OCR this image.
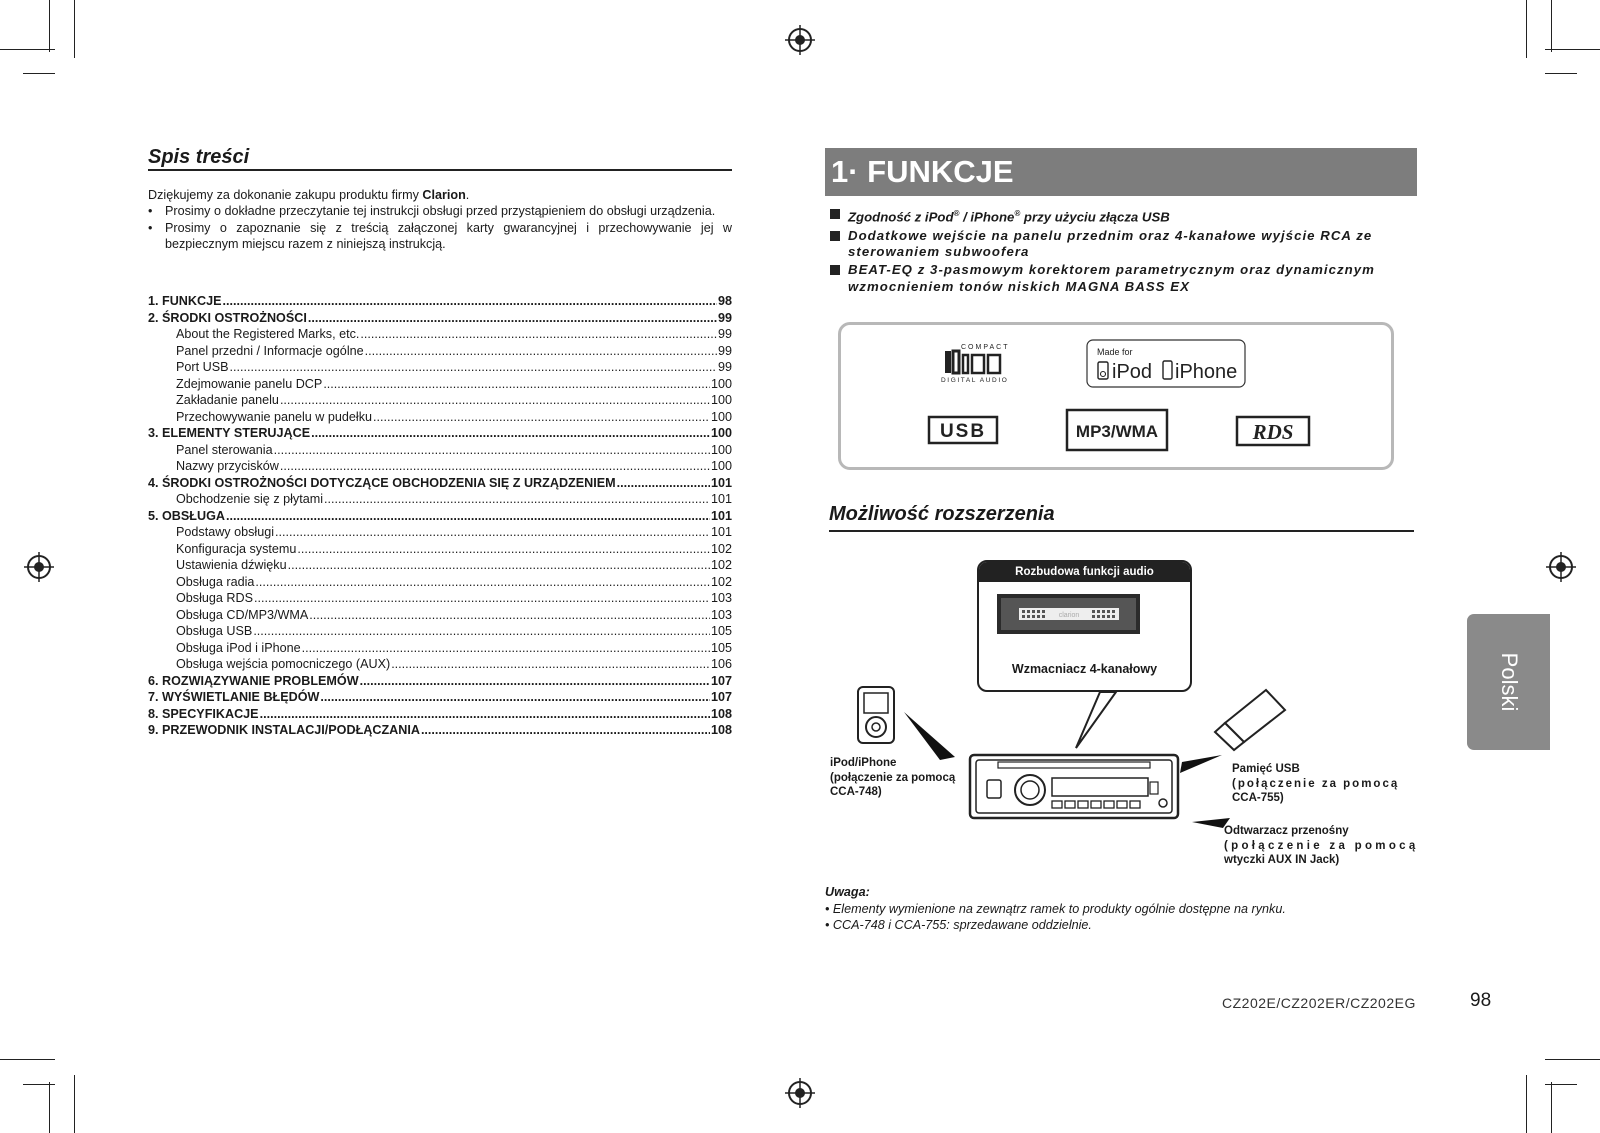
Spis treści
Dziękujemy za dokonanie zakupu produktu firmy Clarion.
• Prosimy o dokładne przeczytanie tej instrukcji obsługi przed przystąpieniem do obsługi urządzenia.
• Prosimy o zapoznanie się z treścią załączonej karty gwarancyjnej i przechowywanie jej w bezpiecznym miejscu razem z niniejszą instrukcją.
1. FUNKCJE .....	98
2. ŚRODKI OSTROŻNOŚCI .....	99
About the Registered Marks, etc. .....	99
Panel przedni / Informacje ogólne .....	99
Port USB .....	99
Zdejmowanie panelu DCP .....	100
Zakładanie panelu .....	100
Przechowywanie panelu w pudełku .....	100
3. ELEMENTY STERUJĄCE .....	100
Panel sterowania .....	100
Nazwy przycisków .....	100
4. ŚRODKI OSTROŻNOŚCI DOTYCZĄCE OBCHODZENIA SIĘ Z URZĄDZENIEM .....	101
Obchodzenie się z płytami .....	101
5. OBSŁUGA .....	101
Podstawy obsługi .....	101
Konfiguracja systemu .....	102
Ustawienia dźwięku .....	102
Obsługa radia .....	102
Obsługa RDS .....	103
Obsługa CD/MP3/WMA .....	103
Obsługa USB .....	105
Obsługa iPod i iPhone .....	105
Obsługa wejścia pomocniczego (AUX) .....	106
6. ROZWIĄZYWANIE PROBLEMÓW .....	107
7. WYŚWIETLANIE BŁĘDÓW .....	107
8. SPECYFIKACJE .....	108
9. PRZEWODNIK INSTALACJI/PODŁĄCZANIA .....	108
1· FUNKCJE
Zgodność z iPod® / iPhone® przy użyciu złącza USB
Dodatkowe wejście na panelu przednim oraz 4-kanałowe wyjście RCA ze sterowaniem subwoofera
BEAT-EQ z 3-pasmowym korektorem parametrycznym oraz dynamicznym wzmocnieniem tonów niskich MAGNA BASS EX
COMPACT
DIGITAL AUDIO
Made for
iPod iPhone
USB	MP3/WMA	RDS
Możliwość rozszerzenia
Rozbudowa funkcji audio
clarion
Wzmacniacz 4-kanałowy
iPod/iPhone
(połączenie za pomocą
CCA-748)
Pamięć USB
(połączenie za pomocą
CCA-755)
Odtwarzacz przenośny
(połączenie za pomocą
wtyczki AUX IN Jack)
Uwaga:
• Elementy wymienione na zewnątrz ramek to produkty ogólnie dostępne na rynku.
• CCA-748 i CCA-755: sprzedawane oddzielnie.
CZ202E/CZ202ER/CZ202EG	98
Polski
